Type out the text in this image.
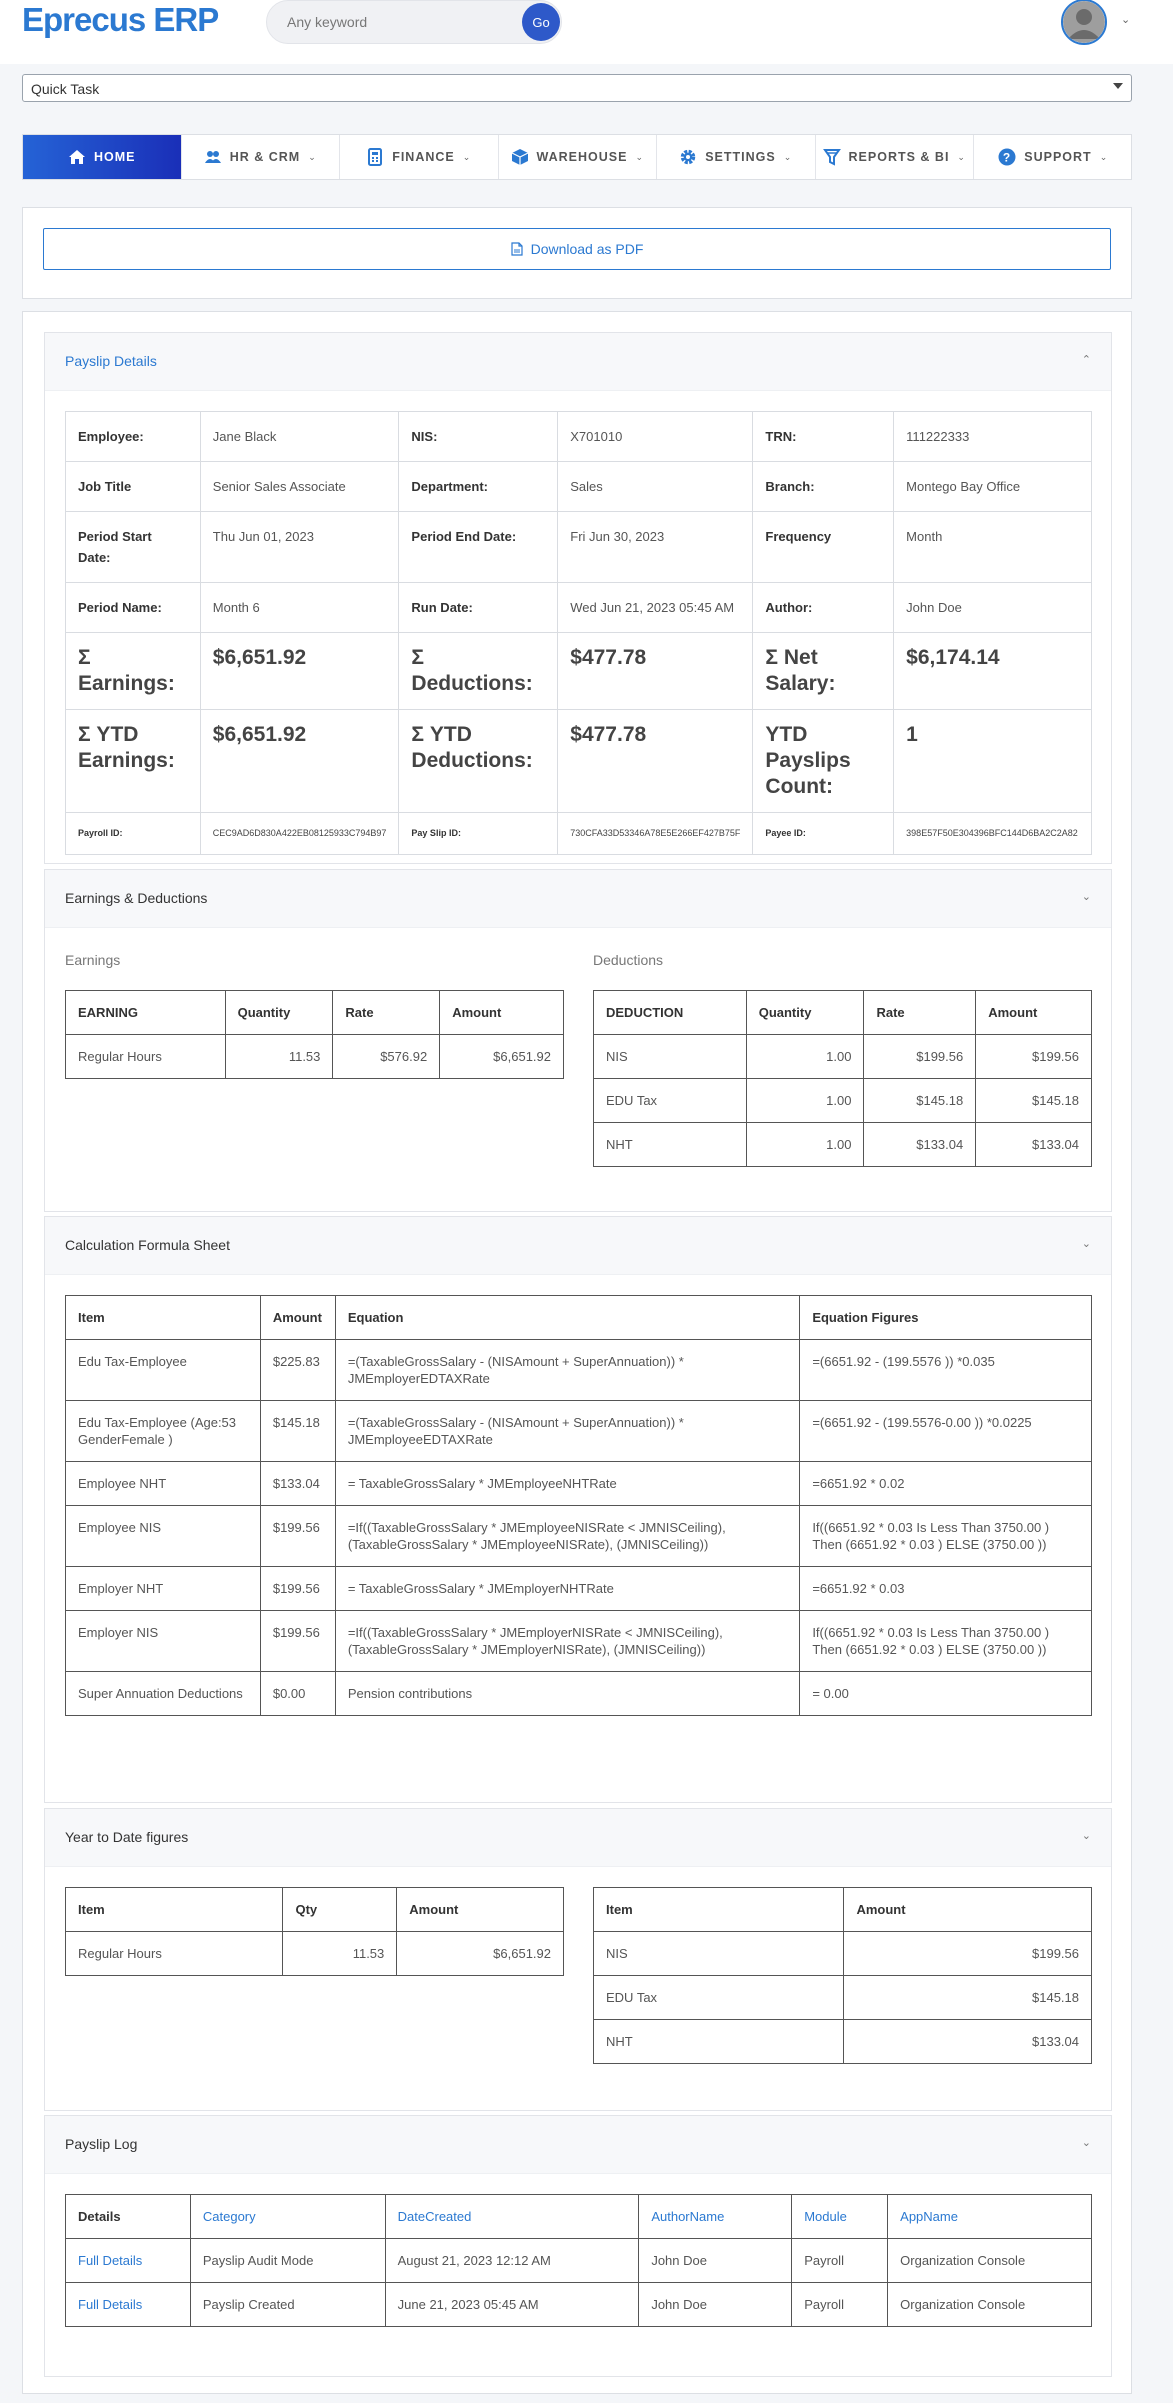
Eprecus ERP
Any keyword	Go	⌄
Quick Task
HOME	HR & CRM ⌄	FINANCE ⌄	WAREHOUSE ⌄	SETTINGS ⌄	REPORTS & BI ⌄	? SUPPORT ⌄
Download as PDF
Payslip Details	⌃
Employee:	Jane Black	NIS:	X701010	TRN:	111222333
Job Title	Senior Sales Associate	Department:	Sales	Branch:	Montego Bay Office
Period Start Date:	Thu Jun 01, 2023	Period End Date:	Fri Jun 30, 2023	Frequency	Month
Period Name:	Month 6	Run Date:	Wed Jun 21, 2023 05:45 AM	Author:	John Doe
Σ Earnings:	$6,651.92	Σ Deductions:	$477.78	Σ Net Salary:	$6,174.14
Σ YTD Earnings:	$6,651.92	Σ YTD Deductions:	$477.78	YTD Payslips Count:	1
Payroll ID:	CEC9AD6D830A422EB08125933C794B97	Pay Slip ID:	730CFA33D53346A78E5E266EF427B75F	Payee ID:	398E57F50E304396BFC144D6BA2C2A82
Earnings & Deductions	⌄
Earnings	Deductions
EARNING	Quantity	Rate	Amount
Regular Hours	11.53	$576.92	$6,651.92
DEDUCTION	Quantity	Rate	Amount
NIS	1.00	$199.56	$199.56
EDU Tax	1.00	$145.18	$145.18
NHT	1.00	$133.04	$133.04
Calculation Formula Sheet	⌄
Item	Amount	Equation	Equation Figures
Edu Tax-Employee	$225.83	=(TaxableGrossSalary - (NISAmount + SuperAnnuation)) * JMEmployerEDTAXRate	=(6651.92 - (199.5576 )) *0.035
Edu Tax-Employee (Age:53 GenderFemale )	$145.18	=(TaxableGrossSalary - (NISAmount + SuperAnnuation)) * JMEmployeeEDTAXRate	=(6651.92 - (199.5576-0.00 )) *0.0225
Employee NHT	$133.04	= TaxableGrossSalary * JMEmployeeNHTRate	=6651.92 * 0.02
Employee NIS	$199.56	=If((TaxableGrossSalary * JMEmployeeNISRate < JMNISCeiling), (TaxableGrossSalary * JMEmployeeNISRate), (JMNISCeiling))	If((6651.92 * 0.03 Is Less Than 3750.00 ) Then (6651.92 * 0.03 ) ELSE (3750.00 ))
Employer NHT	$199.56	= TaxableGrossSalary * JMEmployerNHTRate	=6651.92 * 0.03
Employer NIS	$199.56	=If((TaxableGrossSalary * JMEmployerNISRate < JMNISCeiling), (TaxableGrossSalary * JMEmployerNISRate), (JMNISCeiling))	If((6651.92 * 0.03 Is Less Than 3750.00 ) Then (6651.92 * 0.03 ) ELSE (3750.00 ))
Super Annuation Deductions	$0.00	Pension contributions	= 0.00
Year to Date figures	⌄
Item	Qty	Amount
Regular Hours	11.53	$6,651.92
Item	Amount
NIS	$199.56
EDU Tax	$145.18
NHT	$133.04
Payslip Log	⌄
Details	Category	DateCreated	AuthorName	Module	AppName
Full Details	Payslip Audit Mode	August 21, 2023 12:12 AM	John Doe	Payroll	Organization Console
Full Details	Payslip Created	June 21, 2023 05:45 AM	John Doe	Payroll	Organization Console
